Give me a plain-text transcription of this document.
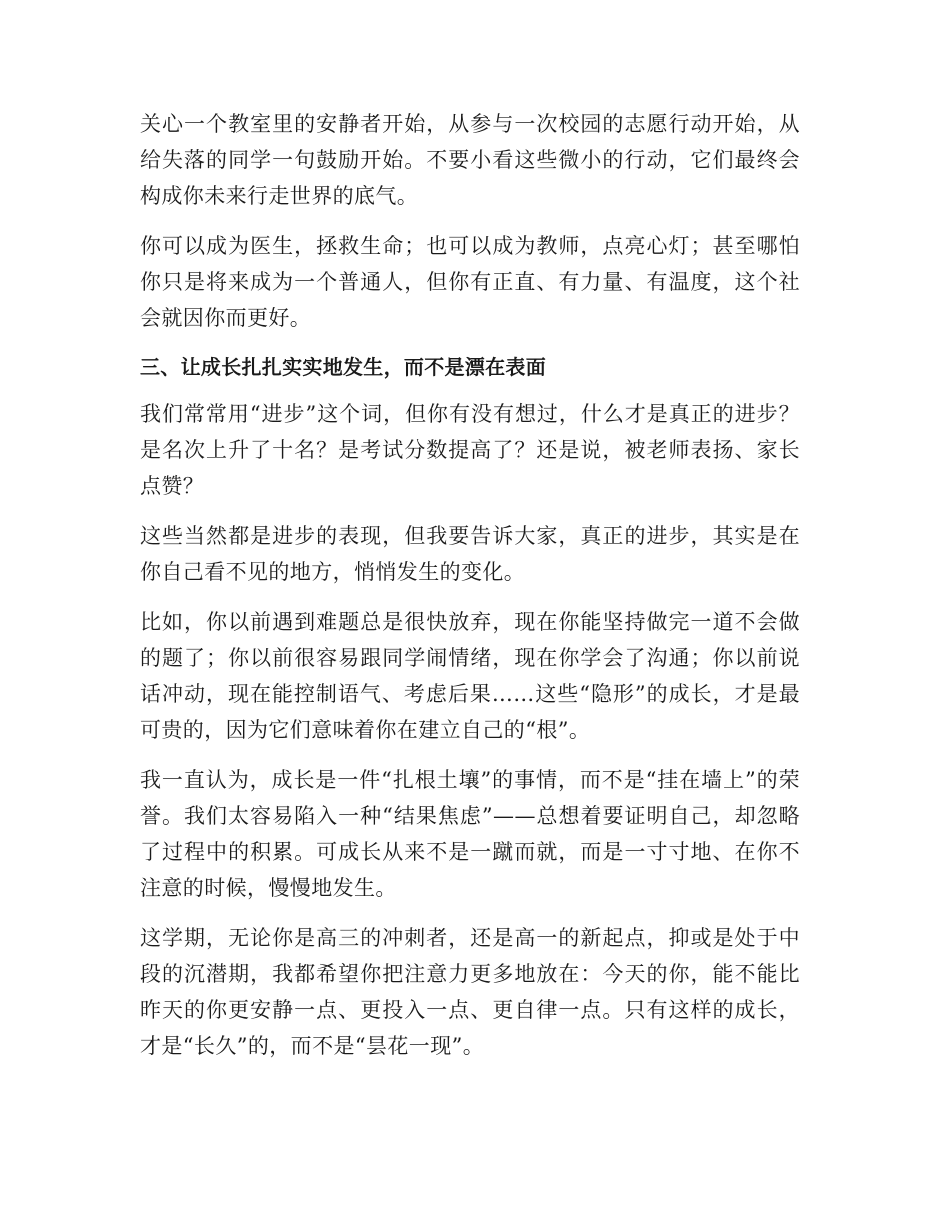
关心一个教室里的安静者开始，从参与一次校园的志愿行动开始，从给失落的同学一句鼓励开始。不要小看这些微小的行动，它们最终会构成你未来行走世界的底气。

你可以成为医生，拯救生命；也可以成为教师，点亮心灯；甚至哪怕你只是将来成为一个普通人，但你有正直、有力量、有温度，这个社会就因你而更好。

三、让成长扎扎实实地发生，而不是漂在表面

我们常常用“进步”这个词，但你有没有想过，什么才是真正的进步？是名次上升了十名？是考试分数提高了？还是说，被老师表扬、家长点赞？

这些当然都是进步的表现，但我要告诉大家，真正的进步，其实是在你自己看不见的地方，悄悄发生的变化。

比如，你以前遇到难题总是很快放弃，现在你能坚持做完一道不会做的题了；你以前很容易跟同学闹情绪，现在你学会了沟通；你以前说话冲动，现在能控制语气、考虑后果……这些“隐形”的成长，才是最可贵的，因为它们意味着你在建立自己的“根”。

我一直认为，成长是一件“扎根土壤”的事情，而不是“挂在墙上”的荣誉。我们太容易陷入一种“结果焦虑”——总想着要证明自己，却忽略了过程中的积累。可成长从来不是一蹴而就，而是一寸寸地、在你不注意的时候，慢慢地发生。

这学期，无论你是高三的冲刺者，还是高一的新起点，抑或是处于中段的沉潜期，我都希望你把注意力更多地放在：今天的你，能不能比昨天的你更安静一点、更投入一点、更自律一点。只有这样的成长，才是“长久”的，而不是“昙花一现”。
